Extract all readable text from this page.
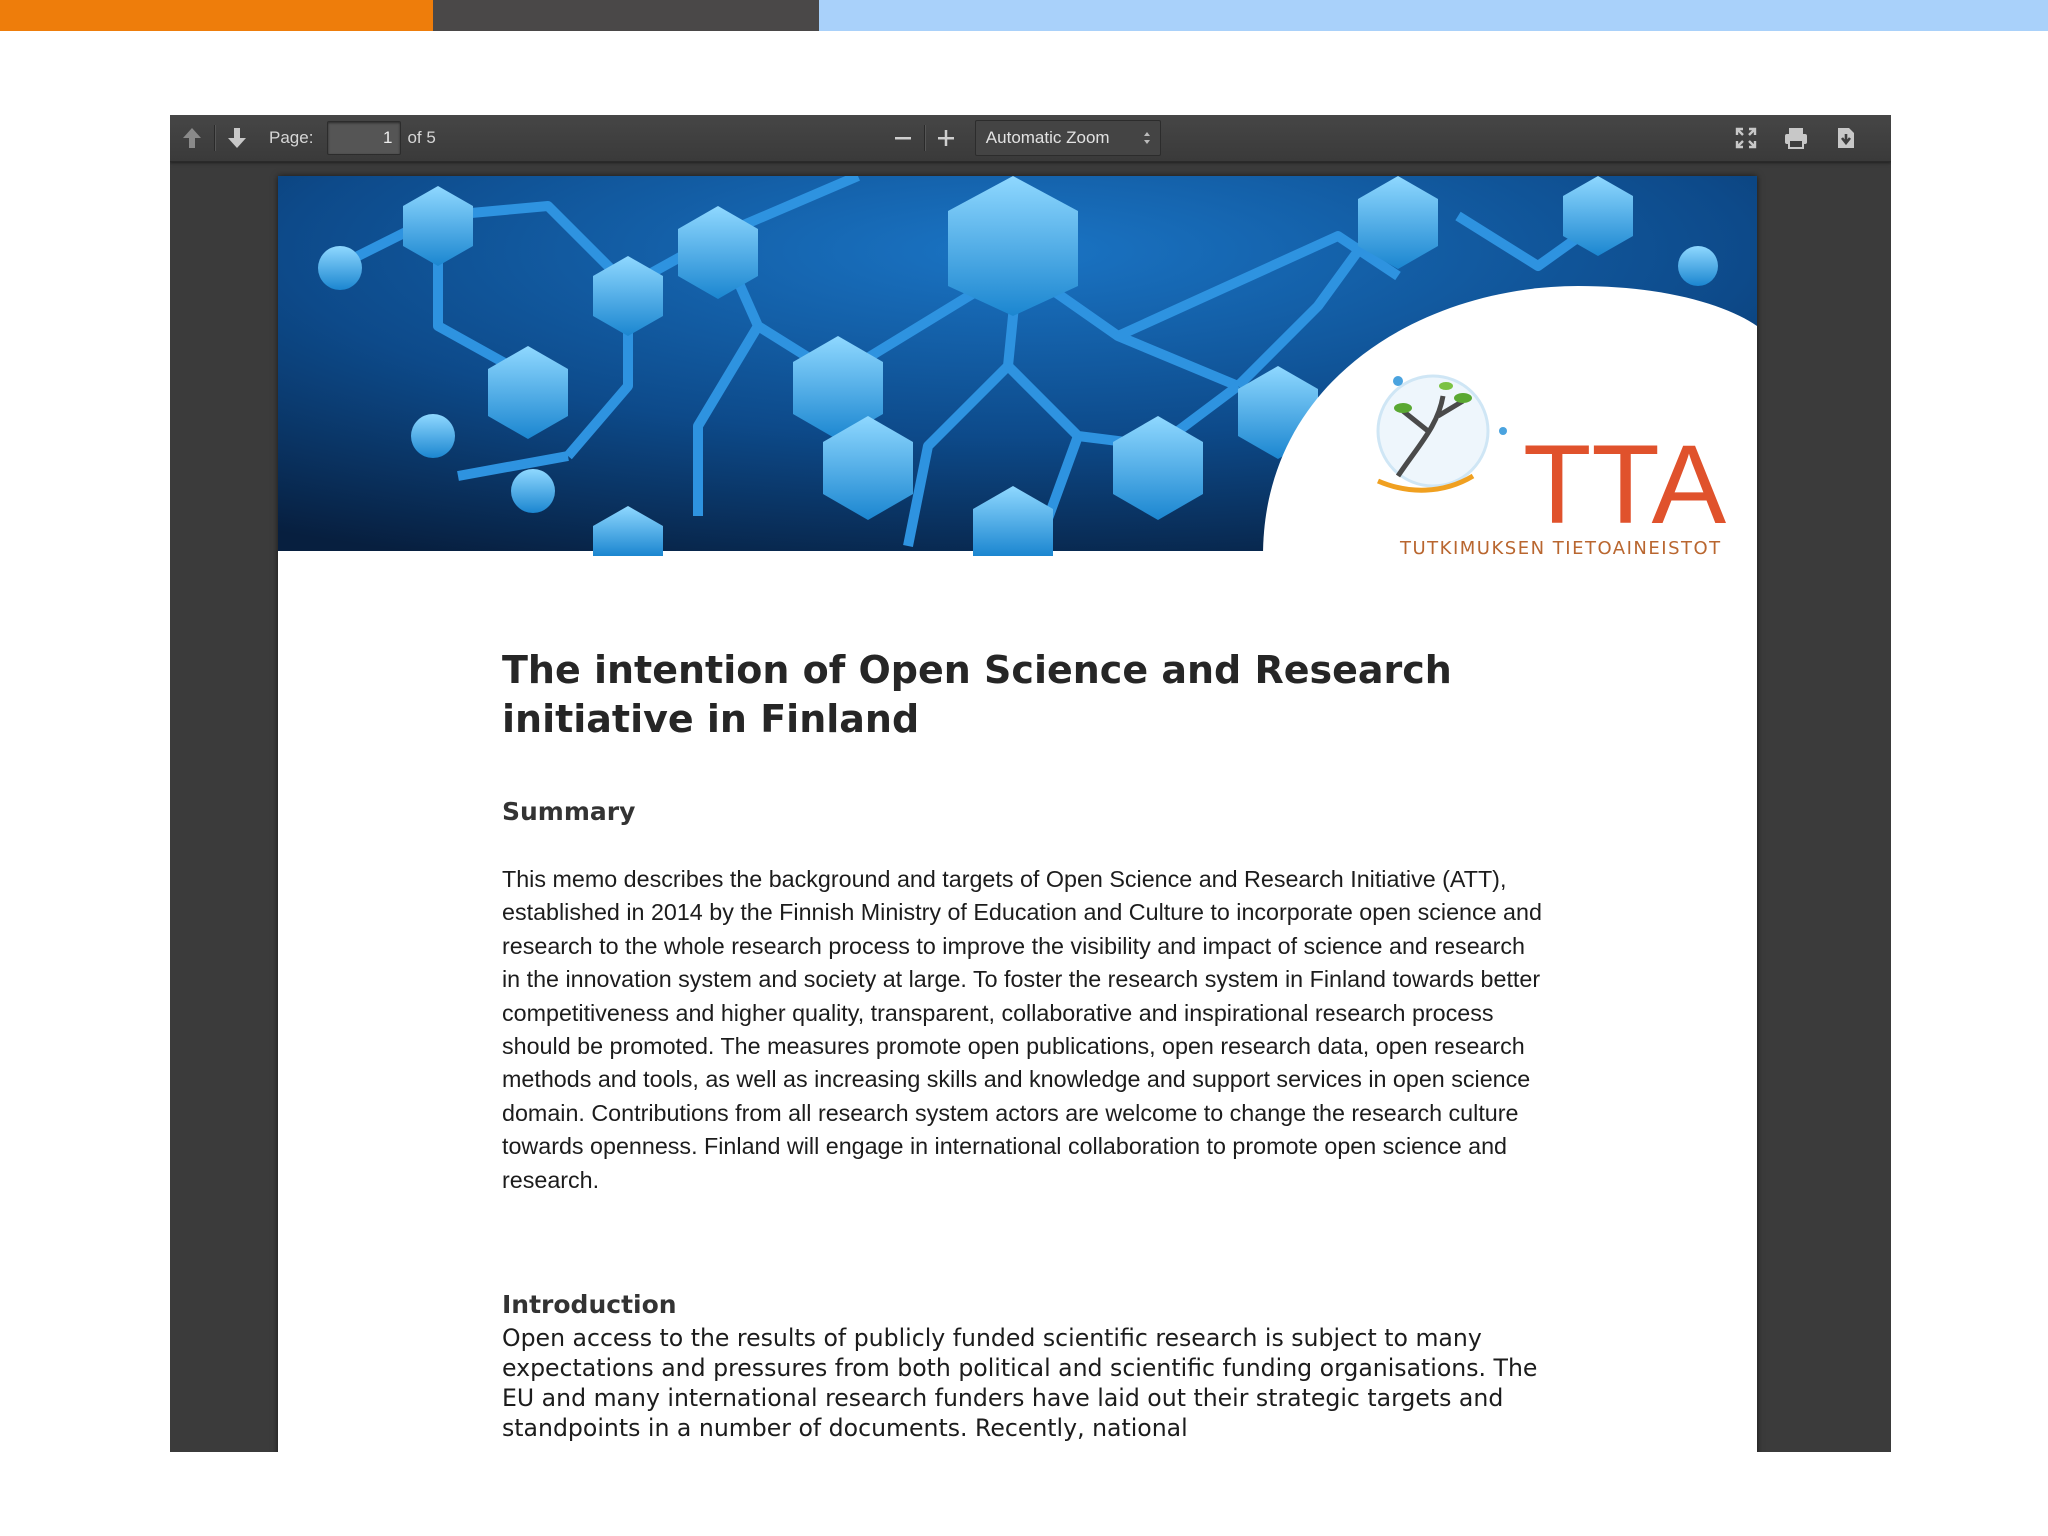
Page:	1 of 5	Automatic Zoom
TTA
TUTKIMUKSEN TIETOAINEISTOT
The intention of Open Science and Research initiative in Finland
Summary
This memo describes the background and targets of Open Science and Research Initiative (ATT), established in 2014 by the Finnish Ministry of Education and Culture to incorporate open science and research to the whole research process to improve the visibility and impact of science and research in the innovation system and society at large. To foster the research system in Finland towards better competitiveness and higher quality, transparent, collaborative and inspirational research process should be promoted. The measures promote open publications, open research data, open research methods and tools, as well as increasing skills and knowledge and support services in open science domain. Contributions from all research system actors are welcome to change the research culture towards openness. Finland will engage in international collaboration to promote open science and research.
Introduction
Open access to the results of publicly funded scientific research is subject to many expectations and pressures from both political and scientific funding organisations. The EU and many international research funders have laid out their strategic targets and standpoints in a number of documents. Recently, national
